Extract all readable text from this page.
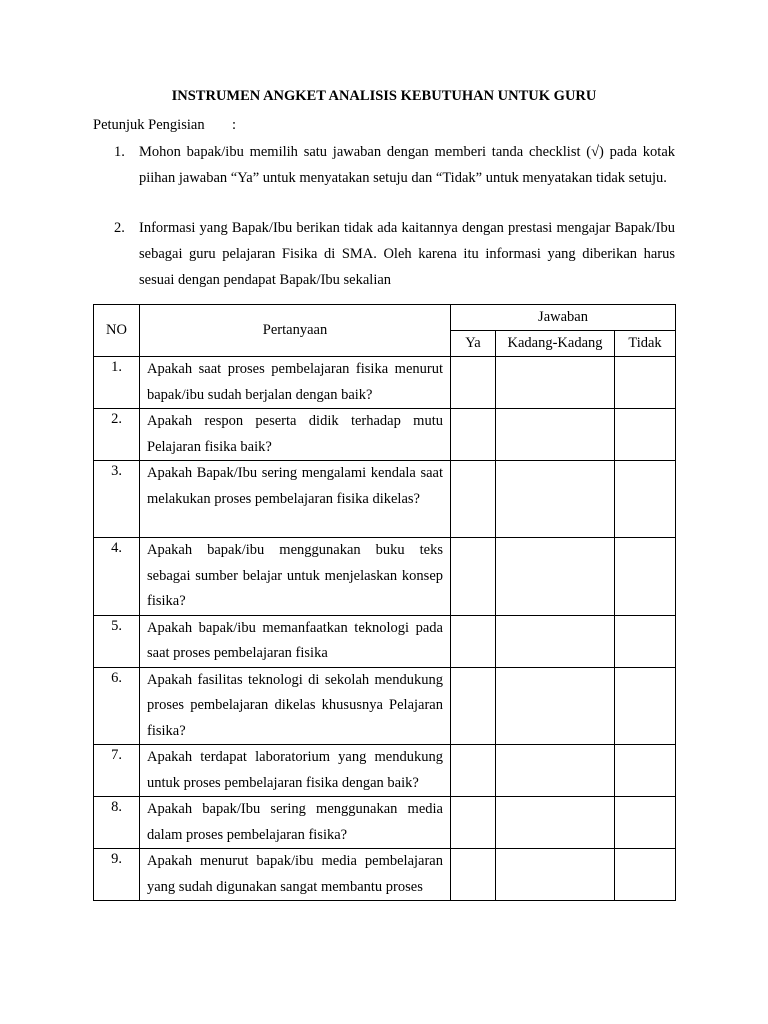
INSTRUMEN ANGKET ANALISIS KEBUTUHAN UNTUK GURU
Petunjuk Pengisian :
1. Mohon bapak/ibu memilih satu jawaban dengan memberi tanda checklist (√) pada kotak piihan jawaban “Ya” untuk menyatakan setuju dan “Tidak” untuk menyatakan tidak setuju.
2. Informasi yang Bapak/Ibu berikan tidak ada kaitannya dengan prestasi mengajar Bapak/Ibu sebagai guru pelajaran Fisika di SMA. Oleh karena itu informasi yang diberikan harus sesuai dengan pendapat Bapak/Ibu sekalian
NO	Pertanyaan	Jawaban		
		Ya	Kadang-Kadang	Tidak
1.	Apakah saat proses pembelajaran fisika menurut bapak/ibu sudah berjalan dengan baik?			
2.	Apakah respon peserta didik terhadap mutu Pelajaran fisika baik?			
3.	Apakah Bapak/Ibu sering mengalami kendala saat melakukan proses pembelajaran fisika dikelas?			
4.	Apakah bapak/ibu menggunakan buku teks sebagai sumber belajar untuk menjelaskan konsep fisika?			
5.	Apakah bapak/ibu memanfaatkan teknologi pada saat proses pembelajaran fisika			
6.	Apakah fasilitas teknologi di sekolah mendukung proses pembelajaran dikelas khususnya Pelajaran fisika?			
7.	Apakah terdapat laboratorium yang mendukung untuk proses pembelajaran fisika dengan baik?			
8.	Apakah bapak/Ibu sering menggunakan media dalam proses pembelajaran fisika?			
9.	Apakah menurut bapak/ibu media pembelajaran yang sudah digunakan sangat membantu proses			
